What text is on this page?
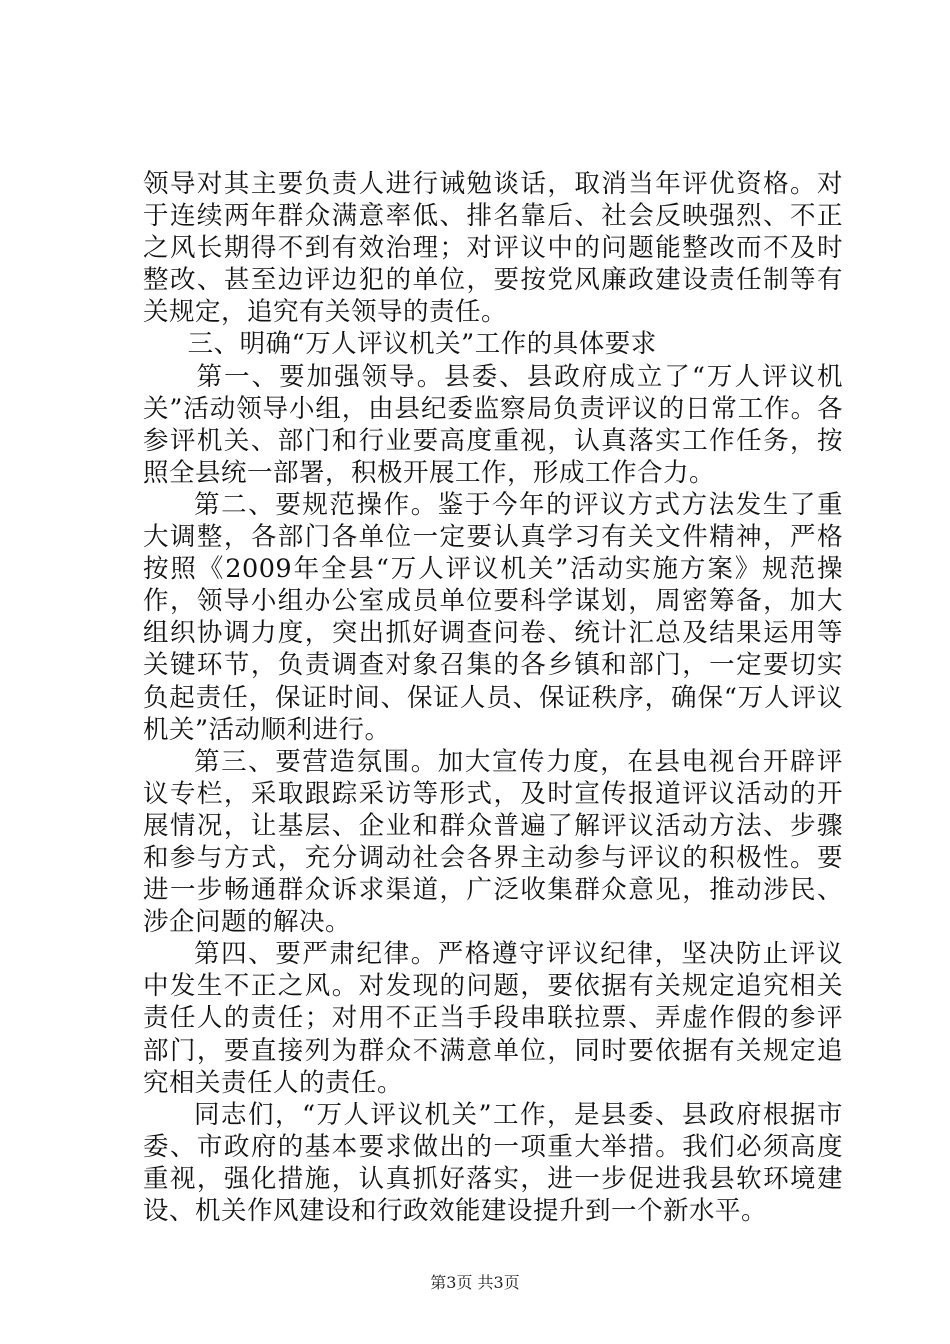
领导对其主要负责人进行诫勉谈话，取消当年评优资格。对于连续两年群众满意率低、排名靠后、社会反映强烈、不正之风长期得不到有效治理；对评议中的问题能整改而不及时整改、甚至边评边犯的单位，要按党风廉政建设责任制等有关规定，追究有关领导的责任。

三、明确“万人评议机关”工作的具体要求

第一、要加强领导。县委、县政府成立了“万人评议机关”活动领导小组，由县纪委监察局负责评议的日常工作。各参评机关、部门和行业要高度重视，认真落实工作任务，按照全县统一部署，积极开展工作，形成工作合力。

第二、要规范操作。鉴于今年的评议方式方法发生了重大调整，各部门各单位一定要认真学习有关文件精神，严格按照《2009年全县“万人评议机关”活动实施方案》规范操作，领导小组办公室成员单位要科学谋划，周密筹备，加大组织协调力度，突出抓好调查问卷、统计汇总及结果运用等关键环节，负责调查对象召集的各乡镇和部门，一定要切实负起责任，保证时间、保证人员、保证秩序，确保“万人评议机关”活动顺利进行。

第三、要营造氛围。加大宣传力度，在县电视台开辟评议专栏，采取跟踪采访等形式，及时宣传报道评议活动的开展情况，让基层、企业和群众普遍了解评议活动方法、步骤和参与方式，充分调动社会各界主动参与评议的积极性。要进一步畅通群众诉求渠道，广泛收集群众意见，推动涉民、涉企问题的解决。

第四、要严肃纪律。严格遵守评议纪律，坚决防止评议中发生不正之风。对发现的问题，要依据有关规定追究相关责任人的责任；对用不正当手段串联拉票、弄虚作假的参评部门，要直接列为群众不满意单位，同时要依据有关规定追究相关责任人的责任。

同志们，“万人评议机关”工作，是县委、县政府根据市委、市政府的基本要求做出的一项重大举措。我们必须高度重视，强化措施，认真抓好落实，进一步促进我县软环境建设、机关作风建设和行政效能建设提升到一个新水平。

第3页 共3页
